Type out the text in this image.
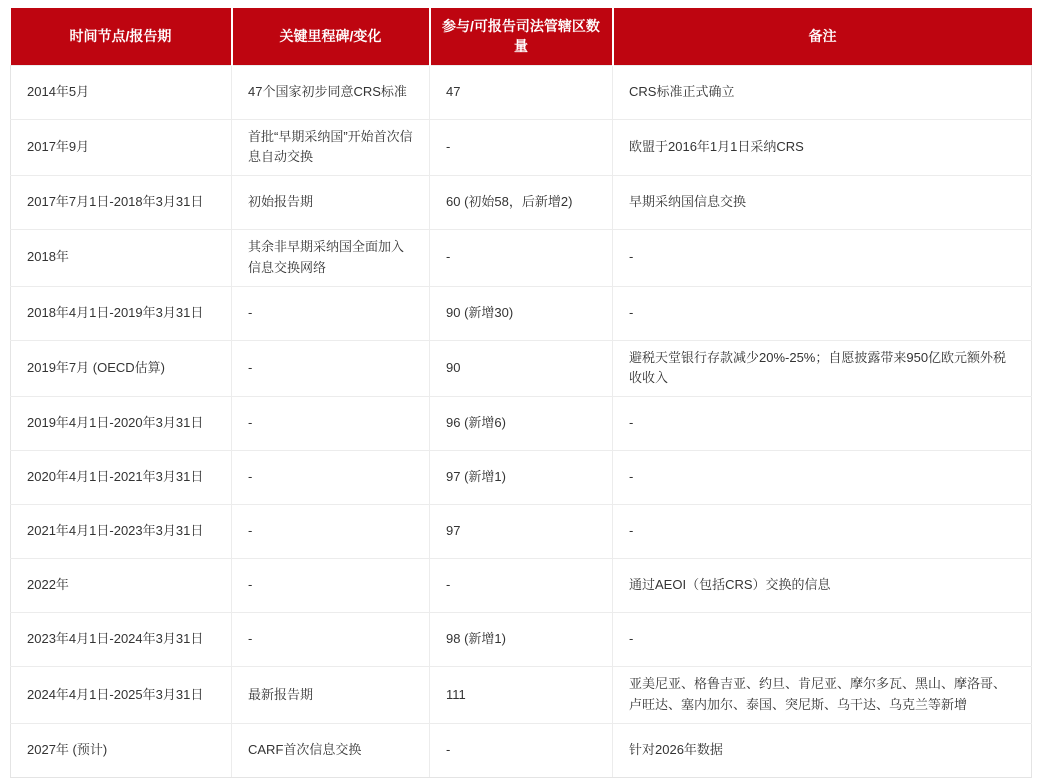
时间节点/报告期	关键里程碑/变化	参与/可报告司法管辖区数量	备注
2014年5月	47个国家初步同意CRS标准	47	CRS标准正式确立
2017年9月	首批“早期采纳国”开始首次信息自动交换	-	欧盟于2016年1月1日采纳CRS
2017年7月1日-2018年3月31日	初始报告期	60 (初始58，后新增2)	早期采纳国信息交换
2018年	其余非早期采纳国全面加入信息交换网络	-	-
2018年4月1日-2019年3月31日	-	90 (新增30)	-
2019年7月 (OECD估算)	-	90	避税天堂银行存款减少20%-25%；自愿披露带来950亿欧元额外税收收入
2019年4月1日-2020年3月31日	-	96 (新增6)	-
2020年4月1日-2021年3月31日	-	97 (新增1)	-
2021年4月1日-2023年3月31日	-	97	-
2022年	-	-	通过AEOI（包括CRS）交换的信息
2023年4月1日-2024年3月31日	-	98 (新增1)	-
2024年4月1日-2025年3月31日	最新报告期	111	亚美尼亚、格鲁吉亚、约旦、肯尼亚、摩尔多瓦、黑山、摩洛哥、卢旺达、塞内加尔、泰国、突尼斯、乌干达、乌克兰等新增
2027年 (预计)	CARF首次信息交换	-	针对2026年数据
